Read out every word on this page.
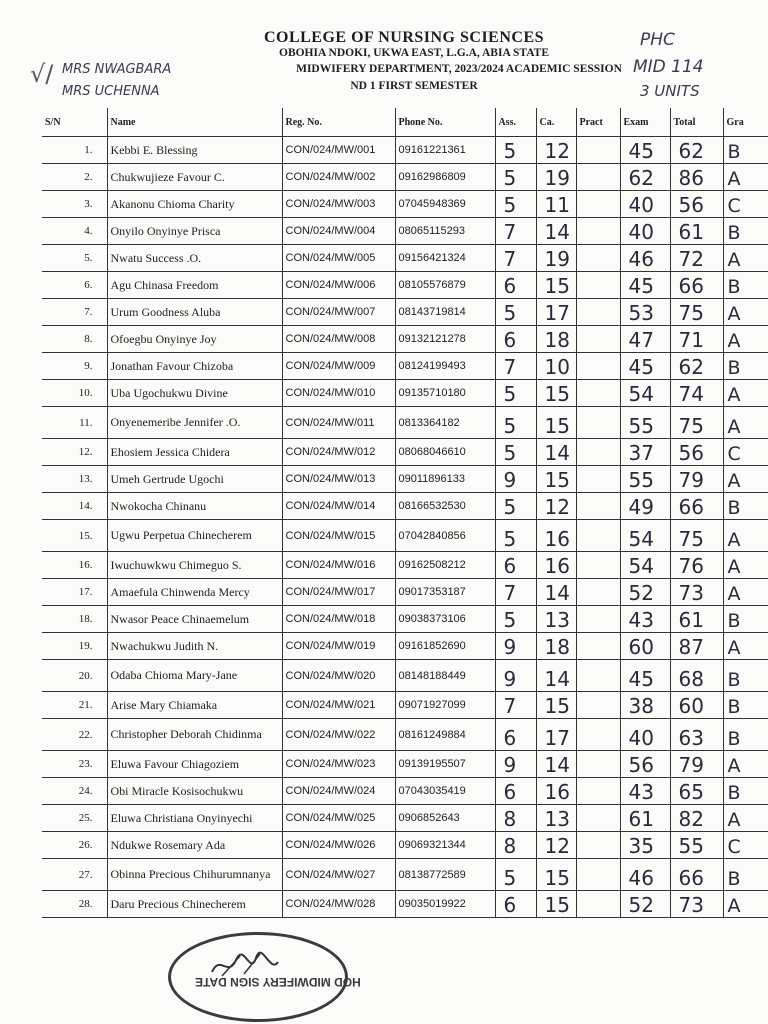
COLLEGE OF NURSING SCIENCES
OBOHIA NDOKI, UKWA EAST, L.G.A, ABIA STATE
MIDWIFERY DEPARTMENT, 2023/2024 ACADEMIC SESSION
ND 1 FIRST SEMESTER
√/ MRS NWAGBARA
MRS UCHENNA
PHC
MID 114
3 UNITS
S/N	Name	Reg. No.	Phone No.	Ass.	Ca.	Pract	Exam	Total	Gra
1.	Kebbi E. Blessing	CON/024/MW/001	09161221361	5	12		45	62	B
2.	Chukwujieze Favour C.	CON/024/MW/002	09162986809	5	19		62	86	A
3.	Akanonu Chioma Charity	CON/024/MW/003	07045948369	5	11		40	56	C
4.	Onyilo Onyinye Prisca	CON/024/MW/004	08065115293	7	14		40	61	B
5.	Nwatu Success .O.	CON/024/MW/005	09156421324	7	19		46	72	A
6.	Agu Chinasa Freedom	CON/024/MW/006	08105576879	6	15		45	66	B
7.	Urum Goodness Aluba	CON/024/MW/007	08143719814	5	17		53	75	A
8.	Ofoegbu Onyinye Joy	CON/024/MW/008	09132121278	6	18		47	71	A
9.	Jonathan Favour Chizoba	CON/024/MW/009	08124199493	7	10		45	62	B
10.	Uba Ugochukwu Divine	CON/024/MW/010	09135710180	5	15		54	74	A
11.	Onyenemeribe Jennifer .O.	CON/024/MW/011	0813364182	5	15		55	75	A
12.	Ehosiem Jessica Chidera	CON/024/MW/012	08068046610	5	14		37	56	C
13.	Umeh Gertrude Ugochi	CON/024/MW/013	09011896133	9	15		55	79	A
14.	Nwokocha Chinanu	CON/024/MW/014	08166532530	5	12		49	66	B
15.	Ugwu Perpetua Chinecherem	CON/024/MW/015	07042840856	5	16		54	75	A
16.	Iwuchuwkwu Chimeguo S.	CON/024/MW/016	09162508212	6	16		54	76	A
17.	Amaefula Chinwenda Mercy	CON/024/MW/017	09017353187	7	14		52	73	A
18.	Nwasor Peace Chinaemelum	CON/024/MW/018	09038373106	5	13		43	61	B
19.	Nwachukwu Judith N.	CON/024/MW/019	09161852690	9	18		60	87	A
20.	Odaba Chioma Mary-Jane	CON/024/MW/020	08148188449	9	14		45	68	B
21.	Arise Mary Chiamaka	CON/024/MW/021	09071927099	7	15		38	60	B
22.	Christopher Deborah Chidinma	CON/024/MW/022	08161249884	6	17		40	63	B
23.	Eluwa Favour Chiagoziem	CON/024/MW/023	09139195507	9	14		56	79	A
24.	Obi Miracle Kosisochukwu	CON/024/MW/024	07043035419	6	16		43	65	B
25.	Eluwa Christiana Onyinyechi	CON/024/MW/025	0906852643	8	13		61	82	A
26.	Ndukwe Rosemary Ada	CON/024/MW/026	09069321344	8	12		35	55	C
27.	Obinna Precious Chihurumnanya	CON/024/MW/027	08138772589	5	15		46	66	B
28.	Daru Precious Chinecherem	CON/024/MW/028	09035019922	6	15		52	73	A
HOD MIDWIFERY SIGN DATE
